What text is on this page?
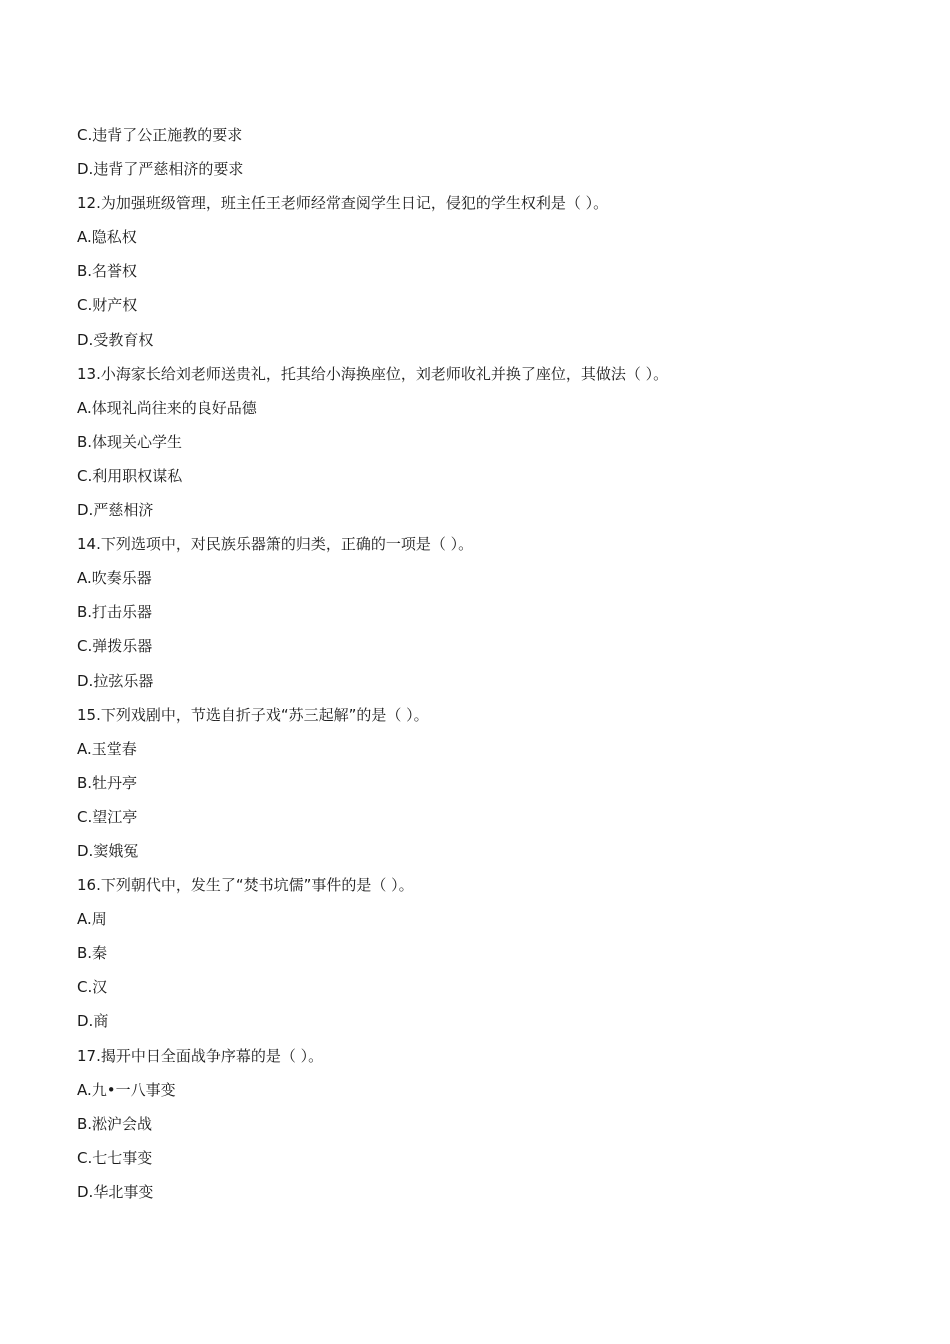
C.违背了公正施教的要求
D.违背了严慈相济的要求
12.为加强班级管理，班主任王老师经常查阅学生日记，侵犯的学生权利是（ ）。
A.隐私权
B.名誉权
C.财产权
D.受教育权
13.小海家长给刘老师送贵礼，托其给小海换座位，刘老师收礼并换了座位，其做法（ ）。
A.体现礼尚往来的良好品德
B.体现关心学生
C.利用职权谋私
D.严慈相济
14.下列选项中，对民族乐器箫的归类，正确的一项是（ ）。
A.吹奏乐器
B.打击乐器
C.弹拨乐器
D.拉弦乐器
15.下列戏剧中，节选自折子戏“苏三起解”的是（ ）。
A.玉堂春
B.牡丹亭
C.望江亭
D.窦娥冤
16.下列朝代中，发生了“焚书坑儒”事件的是（ ）。
A.周
B.秦
C.汉
D.商
17.揭开中日全面战争序幕的是（ ）。
A.九•一八事变
B.淞沪会战
C.七七事变
D.华北事变
